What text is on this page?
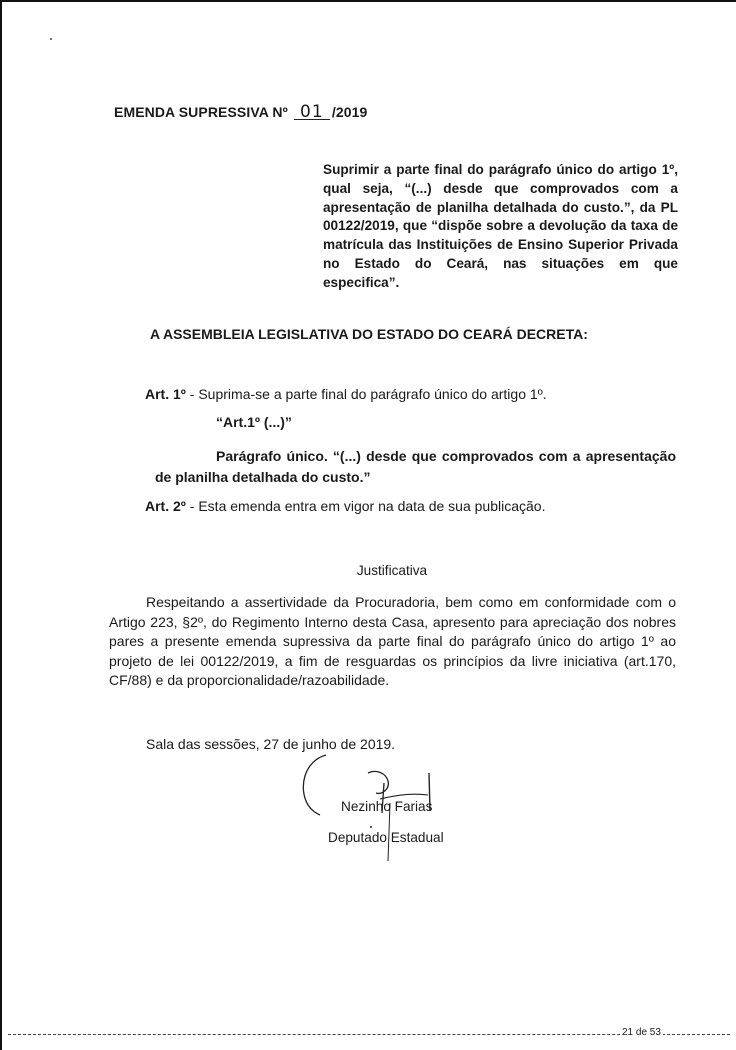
EMENDA SUPRESSIVA Nº 01 /2019
Suprimir a parte final do parágrafo único do artigo 1º, qual seja, “(...) desde que comprovados com a apresentação de planilha detalhada do custo.”, da PL 00122/2019, que “dispõe sobre a devolução da taxa de matrícula das Instituições de Ensino Superior Privada no Estado do Ceará, nas situações em que especifica”.
A ASSEMBLEIA LEGISLATIVA DO ESTADO DO CEARÁ DECRETA:
Art. 1º - Suprima-se a parte final do parágrafo único do artigo 1º.
“Art.1º (...)”
Parágrafo único. “(...) desde que comprovados com a apresentação de planilha detalhada do custo.”
Art. 2º - Esta emenda entra em vigor na data de sua publicação.
Justificativa
Respeitando a assertividade da Procuradoria, bem como em conformidade com o Artigo 223, §2º, do Regimento Interno desta Casa, apresento para apreciação dos nobres pares a presente emenda supressiva da parte final do parágrafo único do artigo 1º ao projeto de lei 00122/2019, a fim de resguardas os princípios da livre iniciativa (art.170, CF/88) e da proporcionalidade/razoabilidade.
Sala das sessões, 27 de junho de 2019.
Nezinho Farias
Deputado Estadual
21 de 53
